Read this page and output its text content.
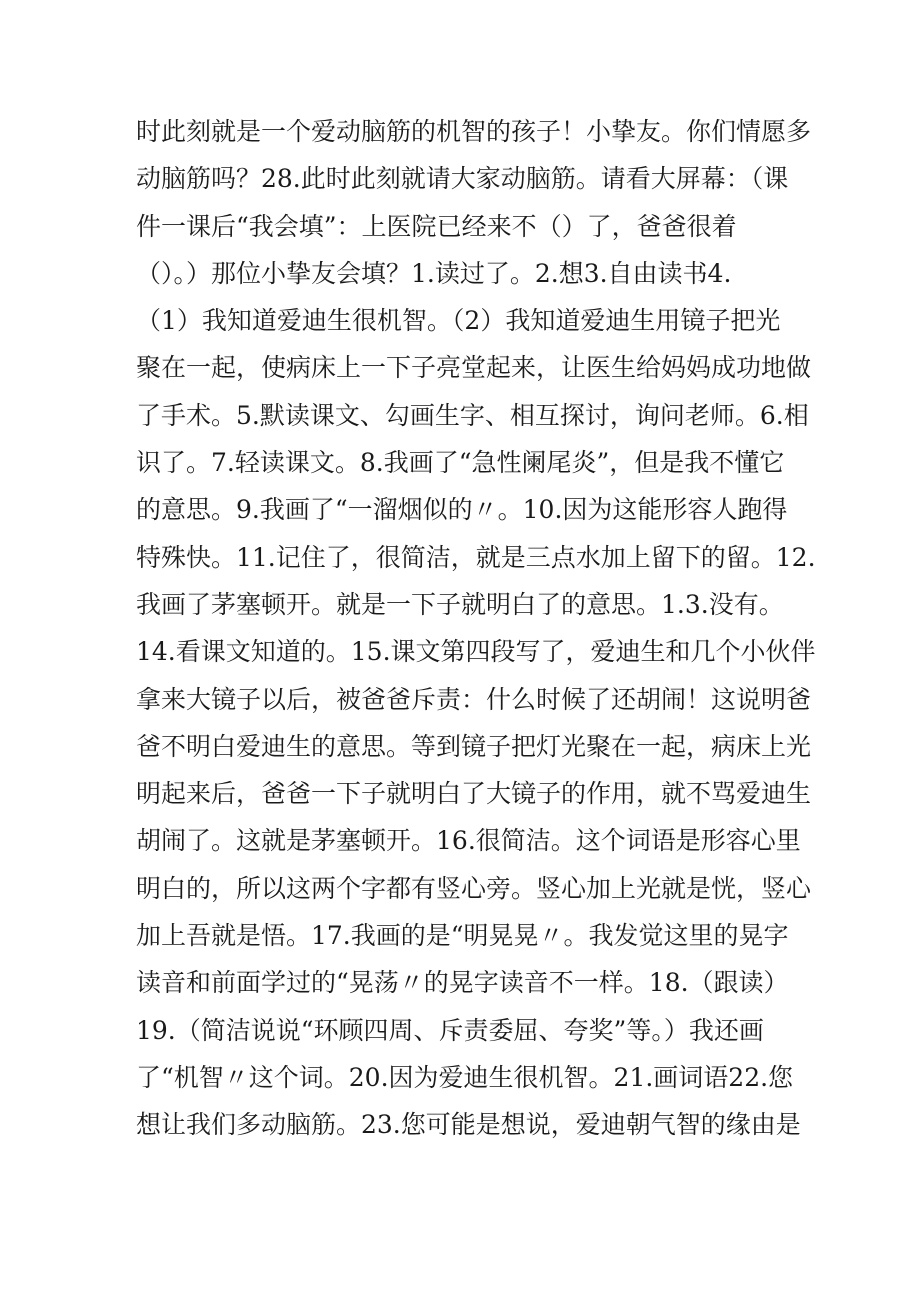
时此刻就是一个爱动脑筋的机智的孩子！小挚友。你们情愿多
动脑筋吗？28.此时此刻就请大家动脑筋。请看大屏幕：（课
件一课后“我会填”：上医院已经来不（）了，爸爸很着
（）。）那位小挚友会填？1.读过了。2.想3.自由读书4.
（1）我知道爱迪生很机智。（2）我知道爱迪生用镜子把光
聚在一起，使病床上一下子亮堂起来，让医生给妈妈成功地做
了手术。5.默读课文、勾画生字、相互探讨，询问老师。6.相
识了。7.轻读课文。8.我画了“急性阑尾炎”，但是我不懂它
的意思。9.我画了“一溜烟似的〃。10.因为这能形容人跑得
特殊快。11.记住了，很简洁，就是三点水加上留下的留。12.
我画了茅塞顿开。就是一下子就明白了的意思。1.3.没有。
14.看课文知道的。15.课文第四段写了，爱迪生和几个小伙伴
拿来大镜子以后，被爸爸斥责：什么时候了还胡闹！这说明爸
爸不明白爱迪生的意思。等到镜子把灯光聚在一起，病床上光
明起来后，爸爸一下子就明白了大镜子的作用，就不骂爱迪生
胡闹了。这就是茅塞顿开。16.很简洁。这个词语是形容心里
明白的，所以这两个字都有竖心旁。竖心加上光就是恍，竖心
加上吾就是悟。17.我画的是“明晃晃〃。我发觉这里的晃字
读音和前面学过的“晃荡〃的晃字读音不一样。18.（跟读）
19.（简洁说说“环顾四周、斥责委屈、夸奖”等。）我还画
了“机智〃这个词。20.因为爱迪生很机智。21.画词语22.您
想让我们多动脑筋。23.您可能是想说，爱迪朝气智的缘由是
